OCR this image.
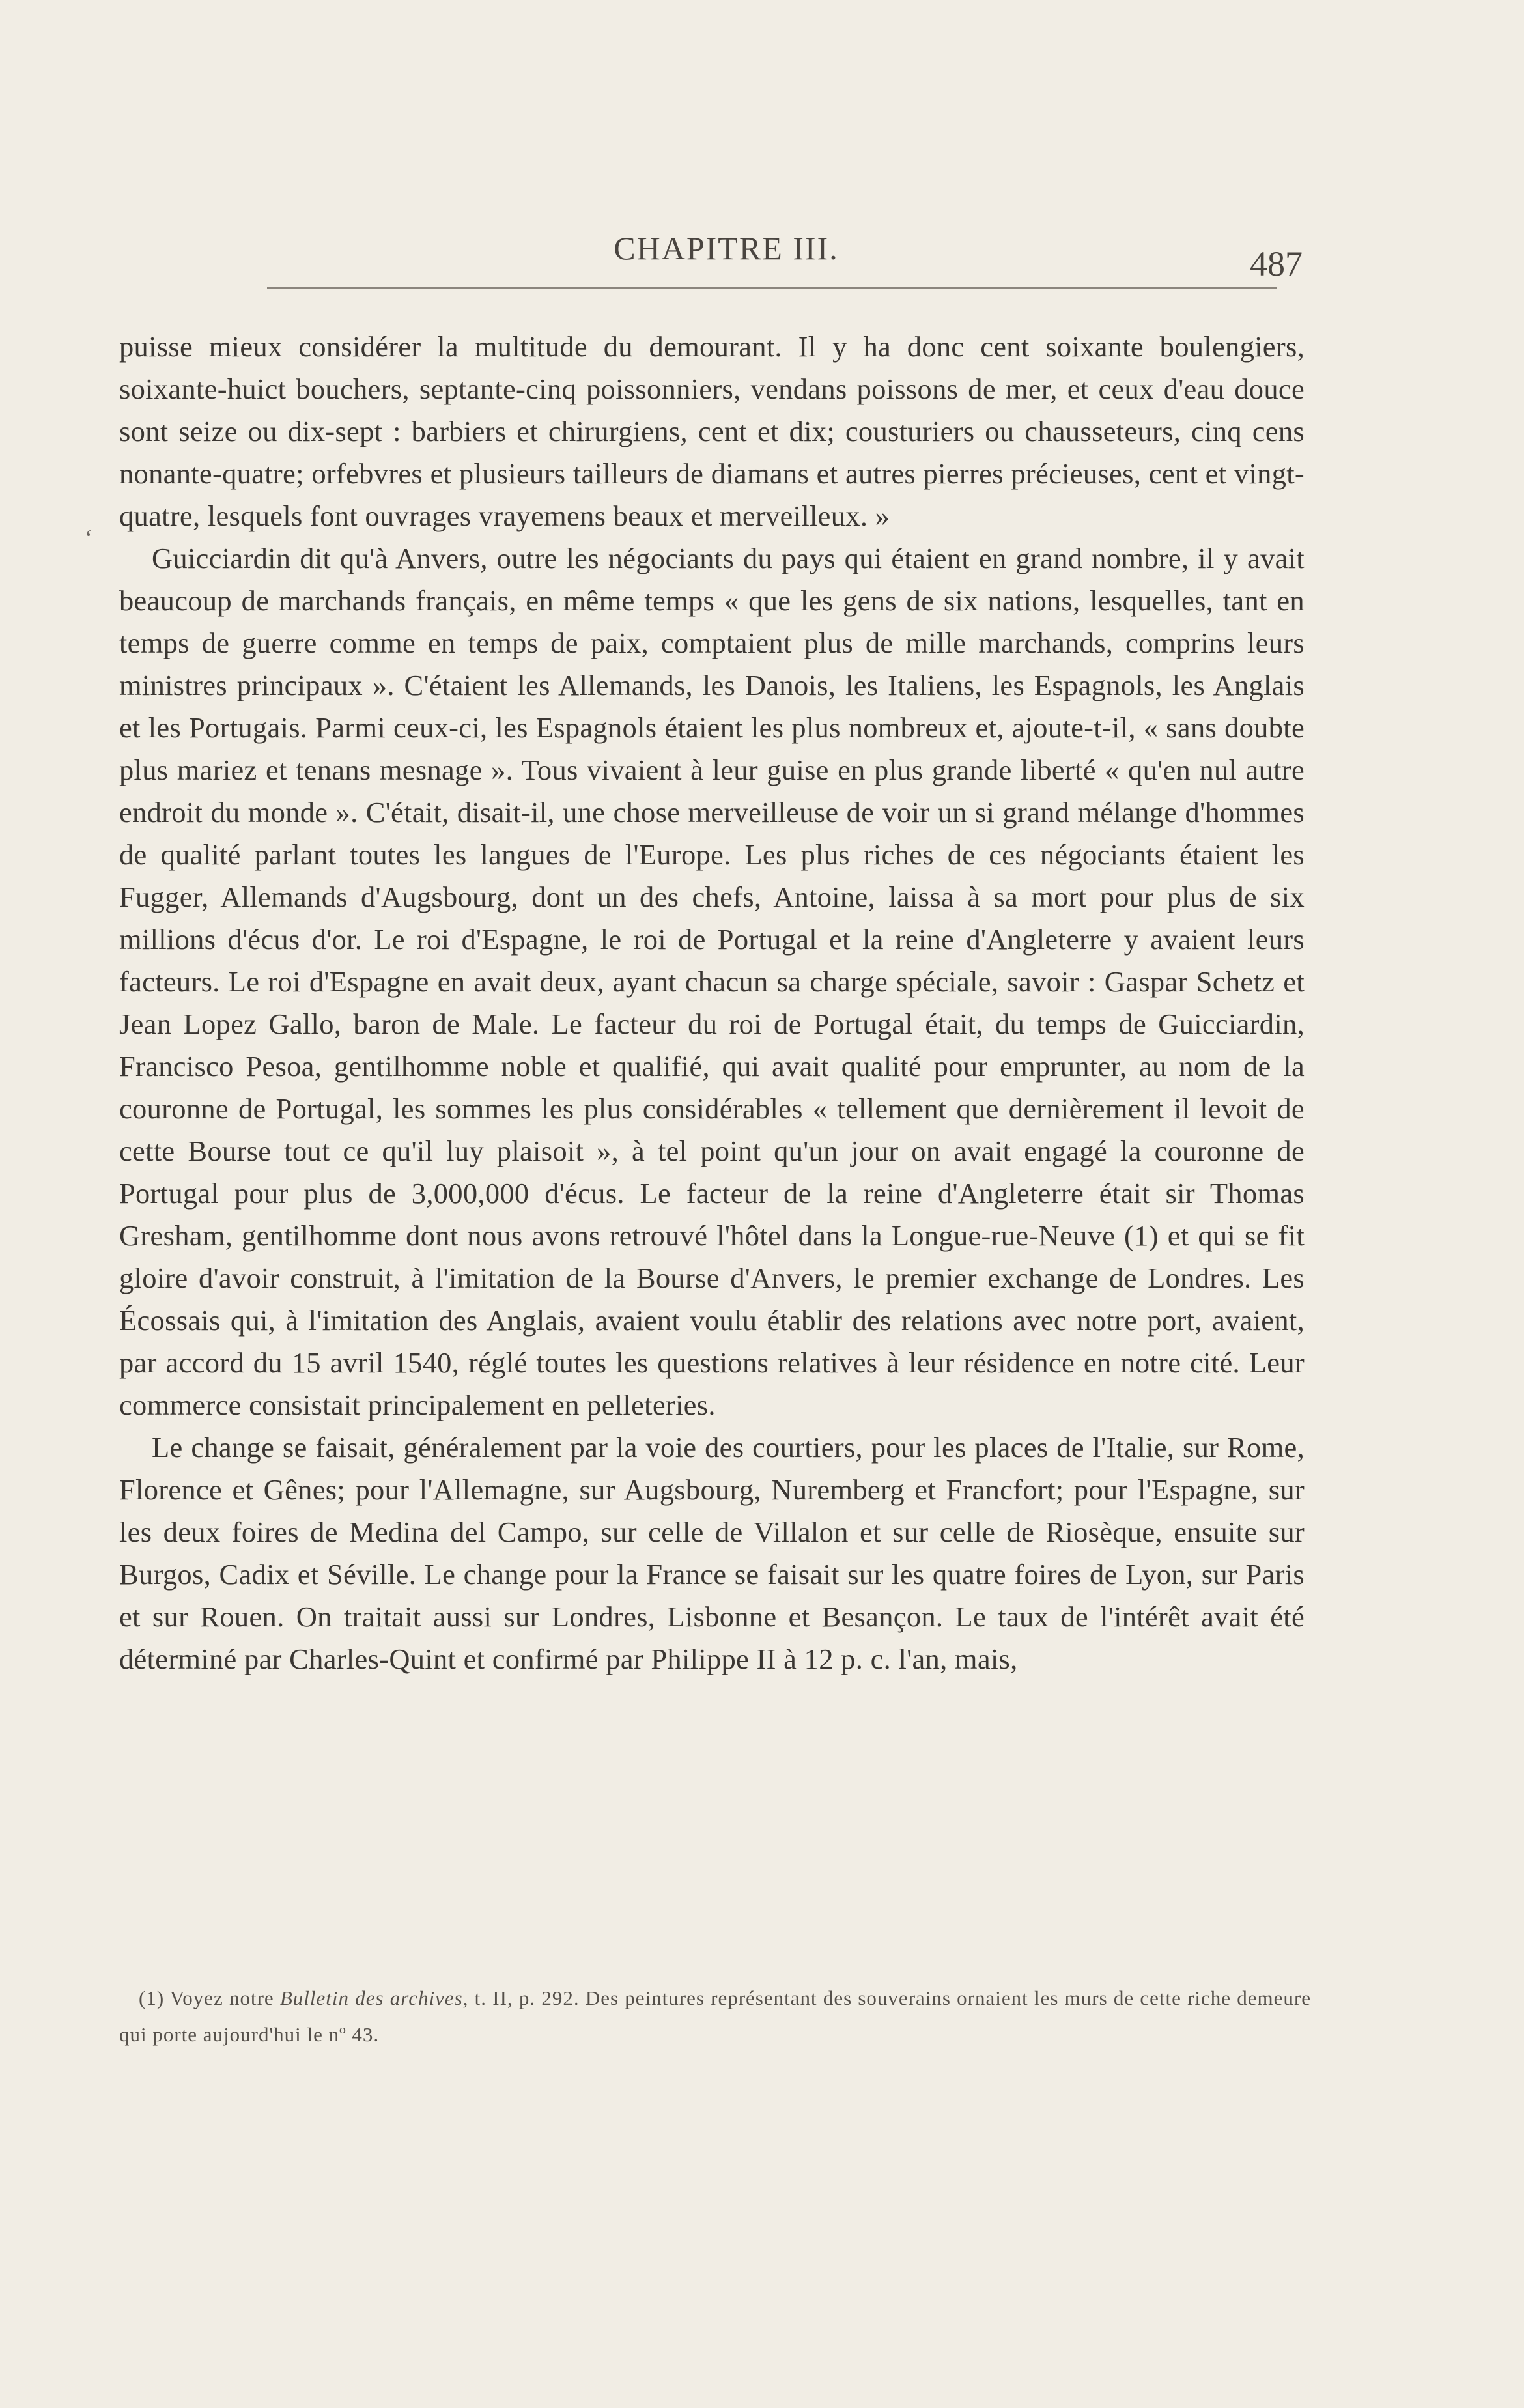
CHAPITRE III.	487
‘

puisse mieux considérer la multitude du demourant. Il y ha donc cent soixante boulengiers, soixante-huict bouchers, septante-cinq poissonniers, vendans poissons de mer, et ceux d'eau douce sont seize ou dix-sept : barbiers et chirurgiens, cent et dix; cousturiers ou chausseteurs, cinq cens nonante-quatre; orfebvres et plusieurs tailleurs de diamans et autres pierres précieuses, cent et vingt-quatre, lesquels font ouvrages vrayemens beaux et merveilleux. »

Guicciardin dit qu'à Anvers, outre les négociants du pays qui étaient en grand nombre, il y avait beaucoup de marchands français, en même temps « que les gens de six nations, lesquelles, tant en temps de guerre comme en temps de paix, comptaient plus de mille marchands, comprins leurs ministres principaux ». C'étaient les Allemands, les Danois, les Italiens, les Espagnols, les Anglais et les Portugais. Parmi ceux-ci, les Espagnols étaient les plus nombreux et, ajoute-t-il, « sans doubte plus mariez et tenans mesnage ». Tous vivaient à leur guise en plus grande liberté « qu'en nul autre endroit du monde ». C'était, disait-il, une chose merveilleuse de voir un si grand mélange d'hommes de qualité parlant toutes les langues de l'Europe. Les plus riches de ces négociants étaient les Fugger, Allemands d'Augsbourg, dont un des chefs, Antoine, laissa à sa mort pour plus de six millions d'écus d'or. Le roi d'Espagne, le roi de Portugal et la reine d'Angleterre y avaient leurs facteurs. Le roi d'Espagne en avait deux, ayant chacun sa charge spéciale, savoir : Gaspar Schetz et Jean Lopez Gallo, baron de Male. Le facteur du roi de Portugal était, du temps de Guicciardin, Francisco Pesoa, gentilhomme noble et qualifié, qui avait qualité pour emprunter, au nom de la couronne de Portugal, les sommes les plus considérables « tellement que dernièrement il levoit de cette Bourse tout ce qu'il luy plaisoit », à tel point qu'un jour on avait engagé la couronne de Portugal pour plus de 3,000,000 d'écus. Le facteur de la reine d'Angleterre était sir Thomas Gresham, gentilhomme dont nous avons retrouvé l'hôtel dans la Longue-rue-Neuve (1) et qui se fit gloire d'avoir construit, à l'imitation de la Bourse d'Anvers, le premier exchange de Londres. Les Écossais qui, à l'imitation des Anglais, avaient voulu établir des relations avec notre port, avaient, par accord du 15 avril 1540, réglé toutes les questions relatives à leur résidence en notre cité. Leur commerce consistait principalement en pelleteries.

Le change se faisait, généralement par la voie des courtiers, pour les places de l'Italie, sur Rome, Florence et Gênes; pour l'Allemagne, sur Augsbourg, Nuremberg et Francfort; pour l'Espagne, sur les deux foires de Medina del Campo, sur celle de Villalon et sur celle de Riosèque, ensuite sur Burgos, Cadix et Séville. Le change pour la France se faisait sur les quatre foires de Lyon, sur Paris et sur Rouen. On traitait aussi sur Londres, Lisbonne et Besançon. Le taux de l'intérêt avait été déterminé par Charles-Quint et confirmé par Philippe II à 12 p. c. l'an, mais,

(1) Voyez notre Bulletin des archives, t. II, p. 292. Des peintures représentant des souverains ornaient les murs de cette riche demeure qui porte aujourd'hui le nº 43.
